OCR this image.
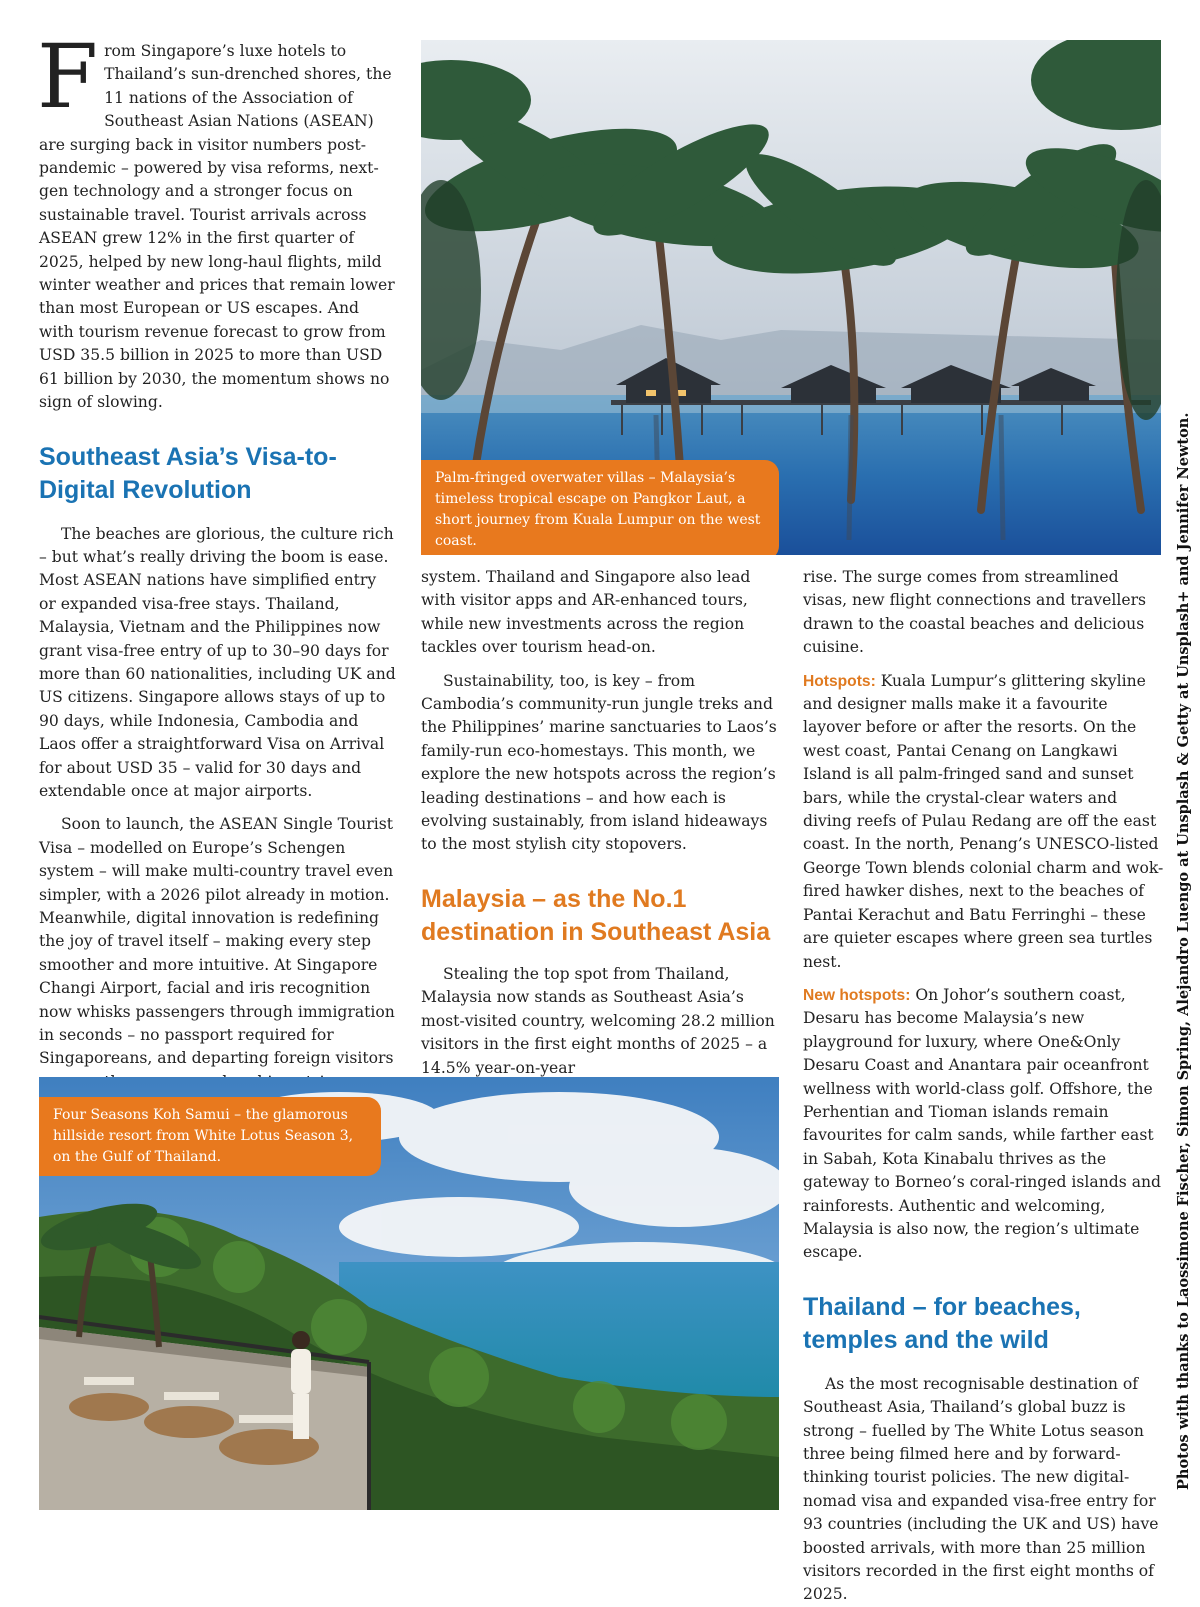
From Singapore’s luxe hotels to Thailand’s sun-drenched shores, the 11 nations of the Association of Southeast Asian Nations (ASEAN) are surging back in visitor numbers post-pandemic – powered by visa reforms, next-gen technology and a stronger focus on sustainable travel. Tourist arrivals across ASEAN grew 12% in the first quarter of 2025, helped by new long-haul flights, mild winter weather and prices that remain lower than most European or US escapes. And with tourism revenue forecast to grow from USD 35.5 billion in 2025 to more than USD 61 billion by 2030, the momentum shows no sign of slowing.

Southeast Asia’s Visa-to-Digital Revolution

The beaches are glorious, the culture rich – but what’s really driving the boom is ease. Most ASEAN nations have simplified entry or expanded visa-free stays. Thailand, Malaysia, Vietnam and the Philippines now grant visa-free entry of up to 30–90 days for more than 60 nationalities, including UK and US citizens. Singapore allows stays of up to 90 days, while Indonesia, Cambodia and Laos offer a straightforward Visa on Arrival for about USD 35 – valid for 30 days and extendable once at major airports.

Soon to launch, the ASEAN Single Tourist Visa – modelled on Europe’s Schengen system – will make multi-country travel even simpler, with a 2026 pilot already in motion. Meanwhile, digital innovation is redefining the joy of travel itself – making every step smoother and more intuitive. At Singapore Changi Airport, facial and iris recognition now whisks passengers through immigration in seconds – no passport required for Singaporeans, and departing foreign visitors

Palm-fringed overwater villas – Malaysia’s timeless tropical escape on Pangkor Laut, a short journey from Kuala Lumpur on the west coast.

system. Thailand and Singapore also lead with visitor apps and AR-enhanced tours, while new investments across the region tackles over tourism head-on.

Sustainability, too, is key – from Cambodia’s community-run jungle treks and the Philippines’ marine sanctuaries to Laos’s family-run eco-homestays. This month, we explore the new hotspots across the region’s leading destinations – and how each is evolving sustainably, from island hideaways to the most stylish city stopovers.

Malaysia – as the No.1 destination in Southeast Asia

Stealing the top spot from Thailand, Malaysia now stands as Southeast Asia’s most-visited country, welcoming 28.2 million visitors in the first eight months of 2025 – a 14.5% year-on-year

rise. The surge comes from streamlined visas, new flight connections and travellers drawn to the coastal beaches and delicious cuisine.

Hotspots: Kuala Lumpur’s glittering skyline and designer malls make it a favourite layover before or after the resorts. On the west coast, Pantai Cenang on Langkawi Island is all palm-fringed sand and sunset bars, while the crystal-clear waters and diving reefs of Pulau Redang are off the east coast. In the north, Penang’s UNESCO-listed George Town blends colonial charm and wok-fired hawker dishes, next to the beaches of Pantai Kerachut and Batu Ferringhi – these are quieter escapes where green sea turtles nest.

New hotspots: On Johor’s southern coast, Desaru has become Malaysia’s new playground for luxury, where One&Only Desaru Coast and Anantara pair oceanfront wellness with world-class golf. Offshore, the Perhentian and Tioman islands remain favourites for calm sands, while farther east in Sabah, Kota Kinabalu thrives as the gateway to Borneo’s coral-ringed islands and rainforests. Authentic and welcoming, Malaysia is also now, the region’s ultimate escape.

Thailand – for beaches, temples and the wild

As the most recognisable destination of Southeast Asia, Thailand’s global buzz is strong – fuelled by The White Lotus season three being filmed here and by forward-thinking tourist policies. The new digital-nomad visa and expanded visa-free entry for 93 countries (including the UK and US) have boosted arrivals, with more than 25 million visitors recorded in the first eight months of 2025.

Four Seasons Koh Samui – the glamorous hillside resort from White Lotus Season 3, on the Gulf of Thailand.	Photos with thanks to Laossimone Fischer, Simon Spring, Alejandro Luengo at Unsplash & Getty at Unsplash+ and Jennifer Newton.
